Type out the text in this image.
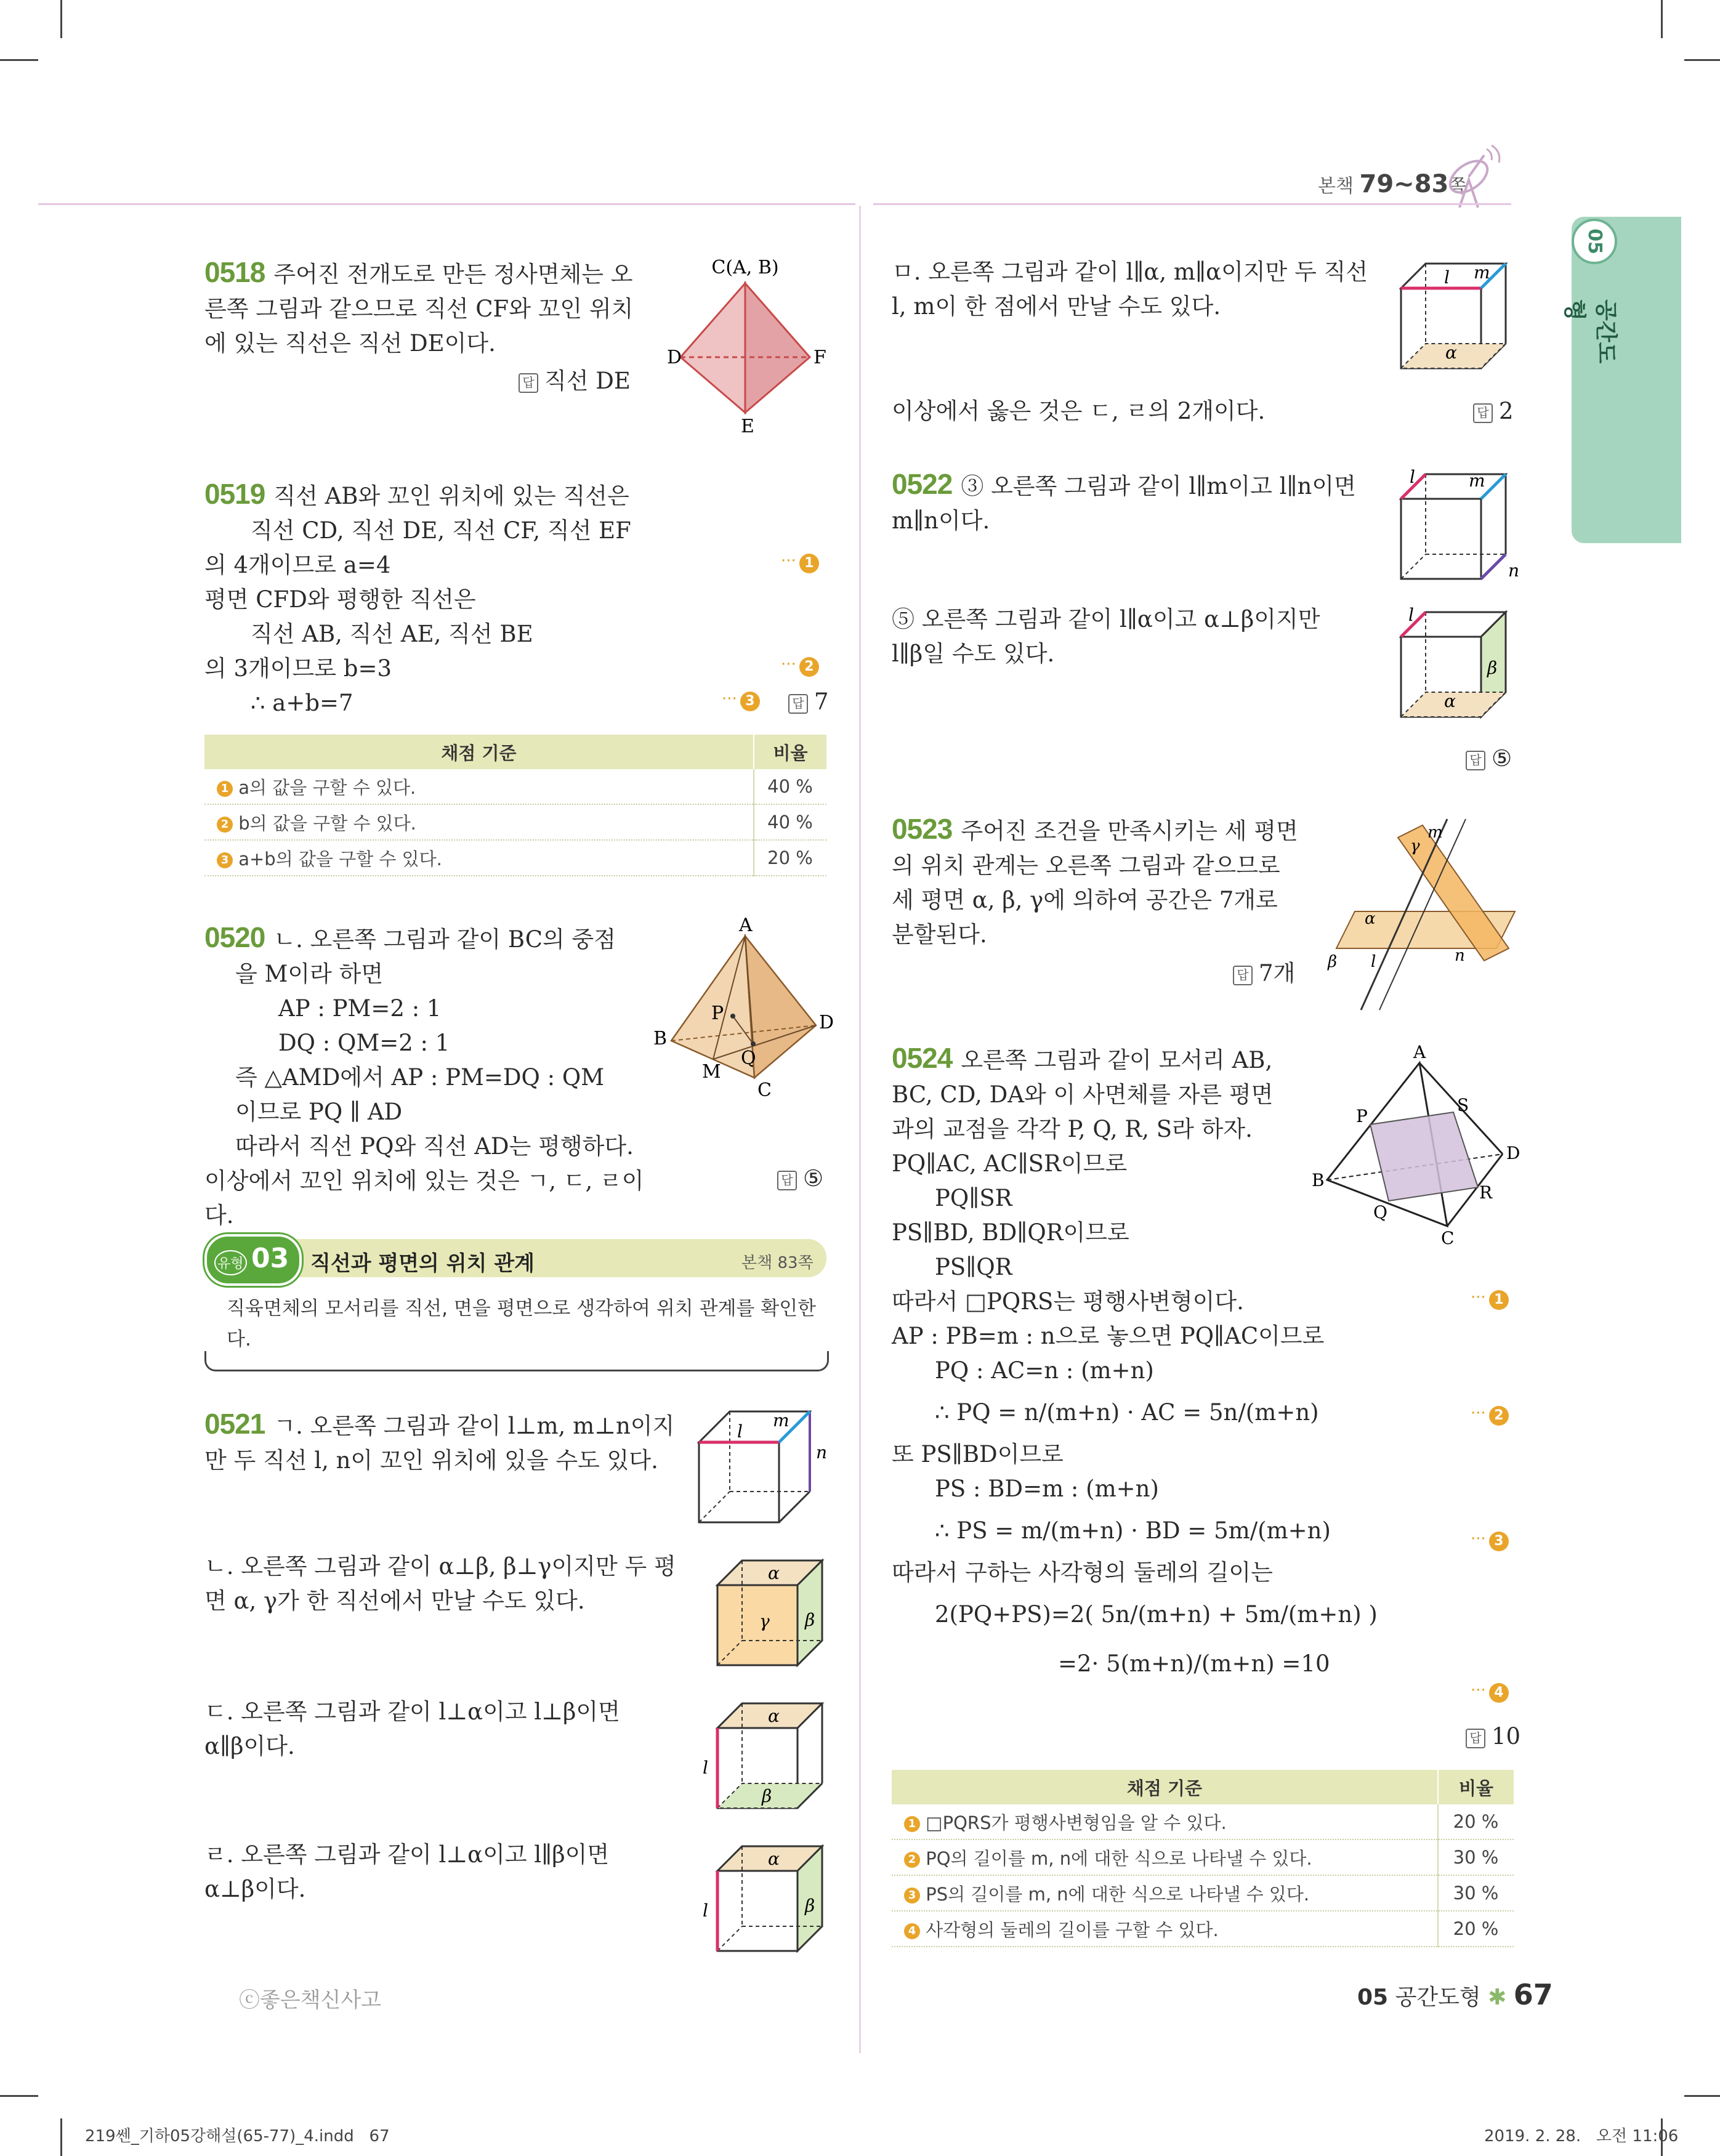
본책 79~83쪽
05
공간도형
0518 주어진 전개도로 만든 정사면체는 오른쪽 그림과 같으므로 직선 CF와 꼬인 위치에 있는 직선은 직선 DE이다.
답 직선 DE
C(A, B)
D	F
E
0519 직선 AB와 꼬인 위치에 있는 직선은
직선 CD, 직선 DE, 직선 CF, 직선 EF
의 4개이므로 a=4
평면 CFD와 평행한 직선은
직선 AB, 직선 AE, 직선 BE
의 3개이므로 b=3
∴ a+b=7
··· 1
··· 2
··· 3	답 7
채점 기준	비율
1 a의 값을 구할 수 있다.	40 %
2 b의 값을 구할 수 있다.	40 %
3 a+b의 값을 구할 수 있다.	20 %
0520 ㄴ. 오른쪽 그림과 같이 BC의 중점
을 M이라 하면
AP : PM=2 : 1
DQ : QM=2 : 1
즉 △AMD에서 AP : PM=DQ : QM
이므로 PQ ∥ AD
따라서 직선 PQ와 직선 AD는 평행하다.
이상에서 꼬인 위치에 있는 것은 ㄱ, ㄷ, ㄹ이다.
답 ⑤
A
B
D
P
Q
M
C
유형 03 직선과 평면의 위치 관계	본책 83쪽
직육면체의 모서리를 직선, 면을 평면으로 생각하여 위치 관계를 확인한다.
0521 ㄱ. 오른쪽 그림과 같이 l⊥m, m⊥n이지만 두 직선 l, n이 꼬인 위치에 있을 수도 있다.
ㄴ. 오른쪽 그림과 같이 α⊥β, β⊥γ이지만 두 평면 α, γ가 한 직선에서 만날 수도 있다.
ㄷ. 오른쪽 그림과 같이 l⊥α이고 l⊥β이면 α∥β이다.
ㄹ. 오른쪽 그림과 같이 l⊥α이고 l∥β이면 α⊥β이다.
l
m
n
α
γ β
α
β
l
α
β
l
ㅁ. 오른쪽 그림과 같이 l∥α, m∥α이지만 두 직선 l, m이 한 점에서 만날 수도 있다.
l m
α
이상에서 옳은 것은 ㄷ, ㄹ의 2개이다.	답 2
0522 ③ 오른쪽 그림과 같이 l∥m이고 l∥n이면 m∥n이다.
l	m
n
⑤ 오른쪽 그림과 같이 l∥α이고 α⊥β이지만 l∥β일 수도 있다.
l
β
α
답 ⑤
0523 주어진 조건을 만족시키는 세 평면의 위치 관계는 오른쪽 그림과 같으므로 세 평면 α, β, γ에 의하여 공간은 7개로 분할된다.
답 7개
γ
m
α
β l	n
0524 오른쪽 그림과 같이 모서리 AB,
BC, CD, DA와 이 사면체를 자른 평면
과의 교점을 각각 P, Q, R, S라 하자.
PQ∥AC, AC∥SR이므로
PQ∥SR
PS∥BD, BD∥QR이므로
PS∥QR
따라서 □PQRS는 평행사변형이다.
AP : PB=m : n으로 놓으면 PQ∥AC이므로
PQ : AC=n : (m+n)
∴ PQ = n/(m+n) · AC = 5n/(m+n)
또 PS∥BD이므로
PS : BD=m : (m+n)
∴ PS = m/(m+n) · BD = 5m/(m+n)
따라서 구하는 사각형의 둘레의 길이는
2(PQ+PS)=2( 5n/(m+n) + 5m/(m+n) )
=2· 5(m+n)/(m+n) =10
··· 1
··· 2
··· 3
··· 4
답 10
A
B
D
C
P
S
Q
R
채점 기준	비율
1 □PQRS가 평행사변형임을 알 수 있다.	20 %
2 PQ의 길이를 m, n에 대한 식으로 나타낼 수 있다.	30 %
3 PS의 길이를 m, n에 대한 식으로 나타낼 수 있다.	30 %
4 사각형의 둘레의 길이를 구할 수 있다.	20 %
ⓒ좋은책신사고	05 공간도형 ✱ 67
219쎈_기하05강해설(65-77)_4.indd   67	2019. 2. 28.   오전 11:06
